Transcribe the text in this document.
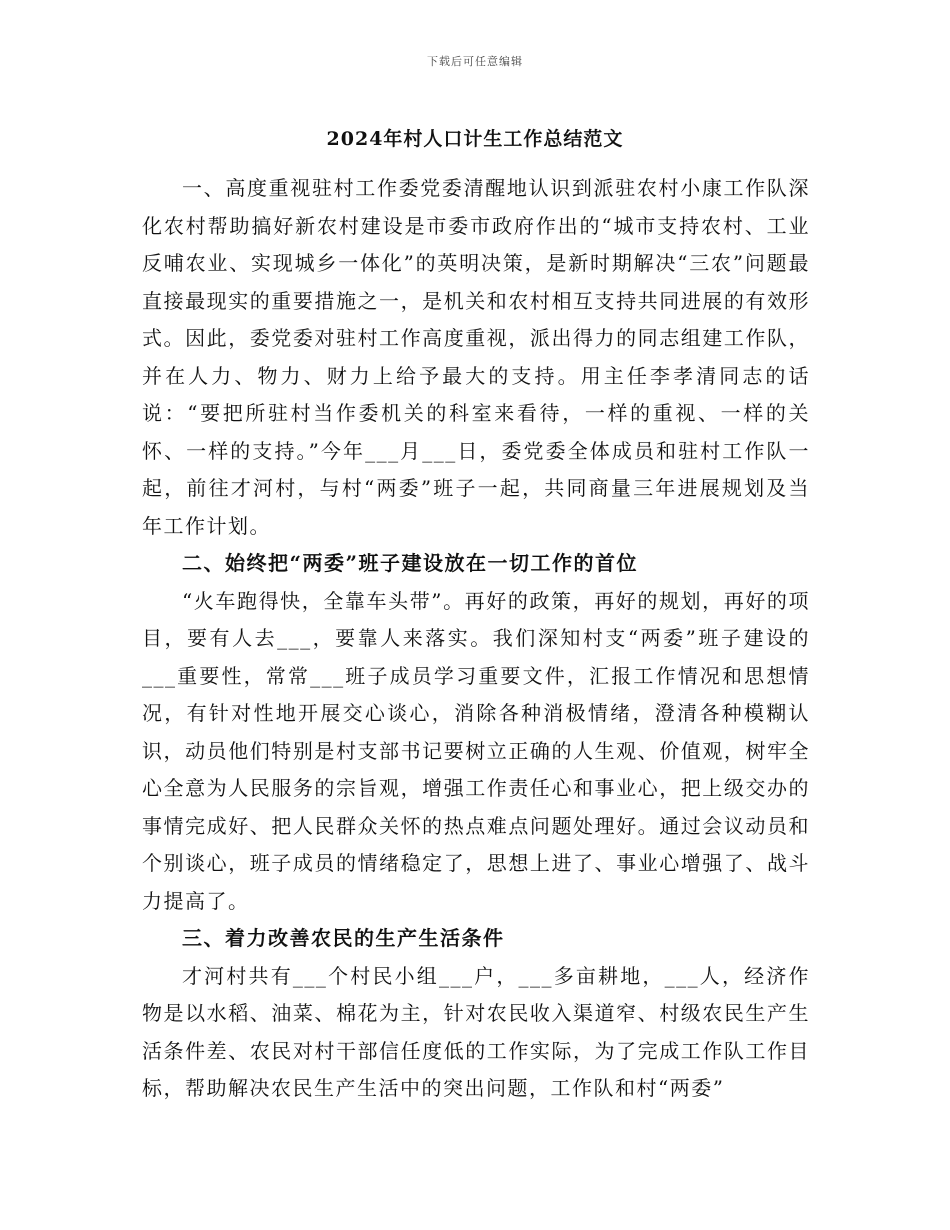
下载后可任意编辑
2024年村人口计生工作总结范文

一、高度重视驻村工作委党委清醒地认识到派驻农村小康工作队深化农村帮助搞好新农村建设是市委市政府作出的“城市支持农村、工业反哺农业、实现城乡一体化”的英明决策，是新时期解决“三农”问题最直接最现实的重要措施之一，是机关和农村相互支持共同进展的有效形式。因此，委党委对驻村工作高度重视，派出得力的同志组建工作队，并在人力、物力、财力上给予最大的支持。用主任李孝清同志的话说：“要把所驻村当作委机关的科室来看待，一样的重视、一样的关怀、一样的支持。”今年___月___日，委党委全体成员和驻村工作队一起，前往才河村，与村“两委”班子一起，共同商量三年进展规划及当年工作计划。

二、始终把“两委”班子建设放在一切工作的首位

“火车跑得快，全靠车头带”。再好的政策，再好的规划，再好的项目，要有人去___，要靠人来落实。我们深知村支“两委”班子建设的___重要性，常常___班子成员学习重要文件，汇报工作情况和思想情况，有针对性地开展交心谈心，消除各种消极情绪，澄清各种模糊认识，动员他们特别是村支部书记要树立正确的人生观、价值观，树牢全心全意为人民服务的宗旨观，增强工作责任心和事业心，把上级交办的事情完成好、把人民群众关怀的热点难点问题处理好。通过会议动员和个别谈心，班子成员的情绪稳定了，思想上进了、事业心增强了、战斗力提高了。

三、着力改善农民的生产生活条件

才河村共有___个村民小组___户，___多亩耕地，___人，经济作物是以水稻、油菜、棉花为主，针对农民收入渠道窄、村级农民生产生活条件差、农民对村干部信任度低的工作实际，为了完成工作队工作目标，帮助解决农民生产生活中的突出问题，工作队和村“两委”
